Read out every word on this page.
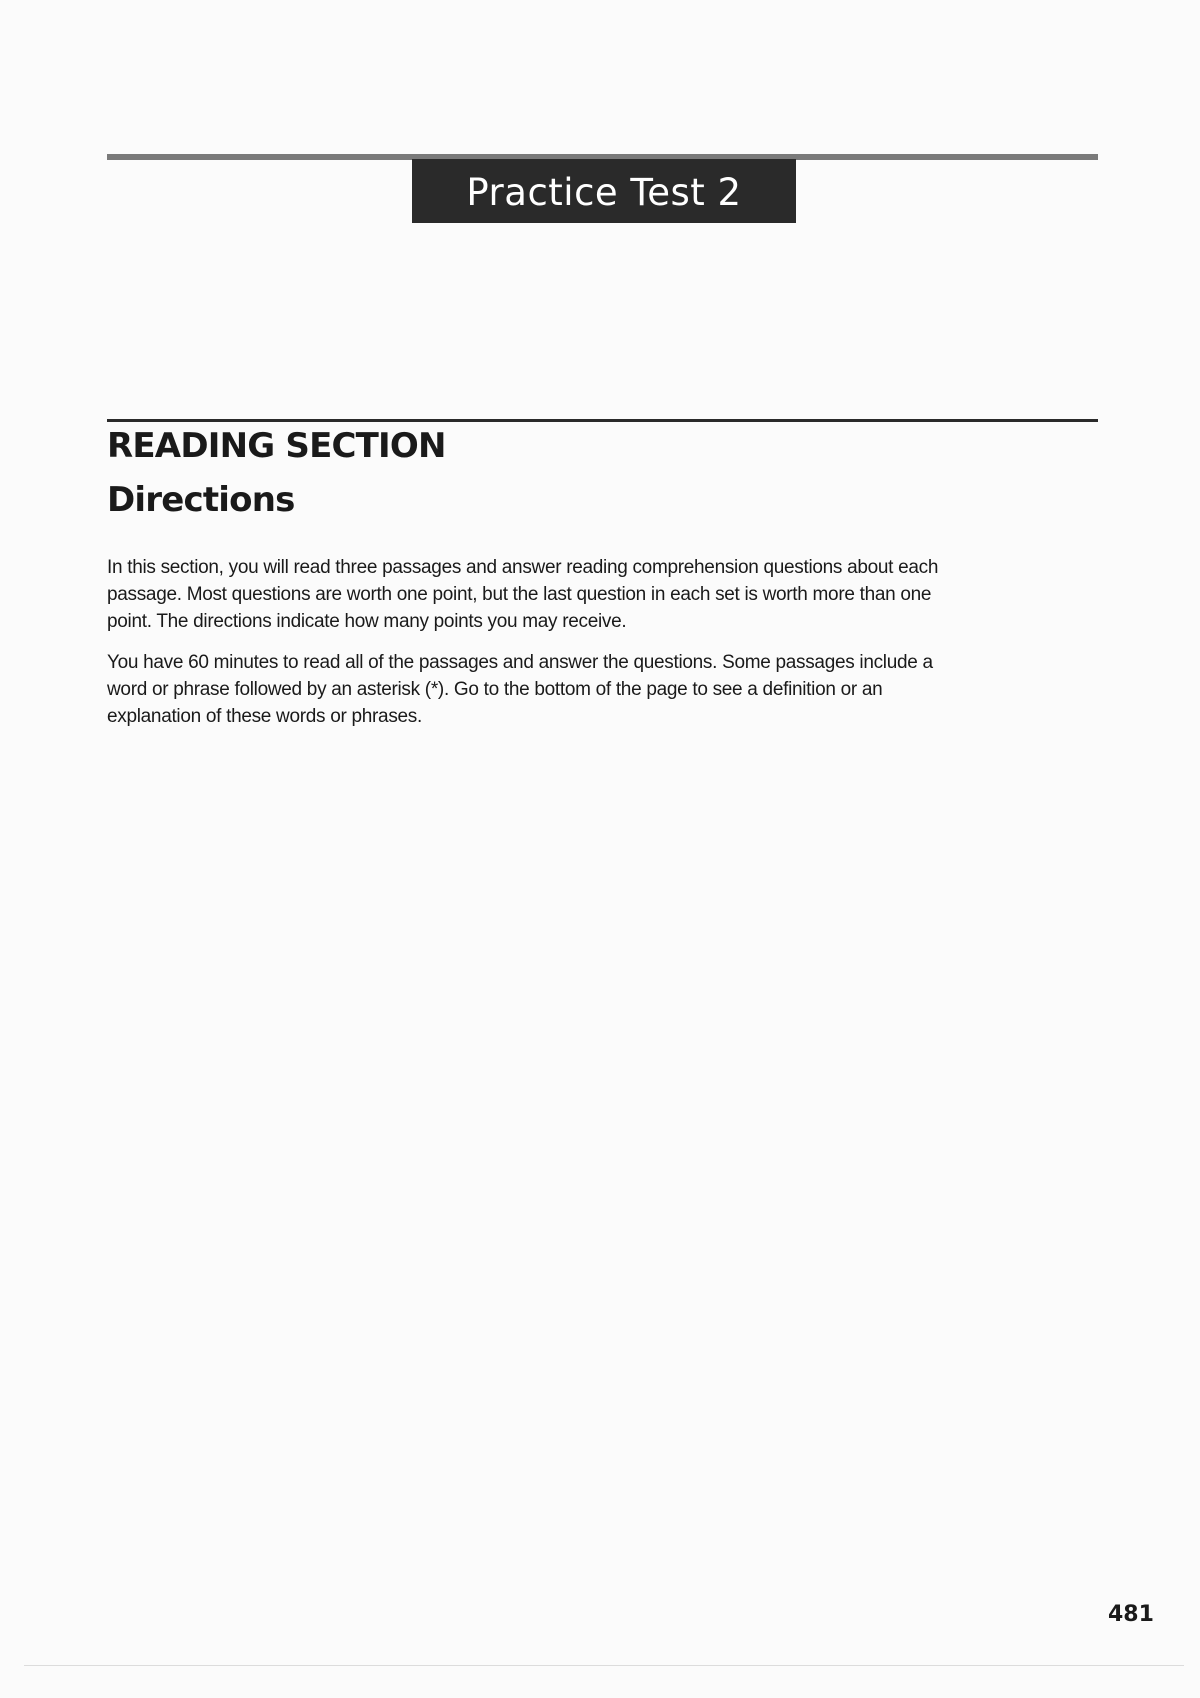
Practice Test 2
READING SECTION
Directions

In this section, you will read three passages and answer reading comprehension questions about each passage. Most questions are worth one point, but the last question in each set is worth more than one point. The directions indicate how many points you may receive.

You have 60 minutes to read all of the passages and answer the questions. Some passages include a word or phrase followed by an asterisk (*). Go to the bottom of the page to see a definition or an explanation of these words or phrases.

481
